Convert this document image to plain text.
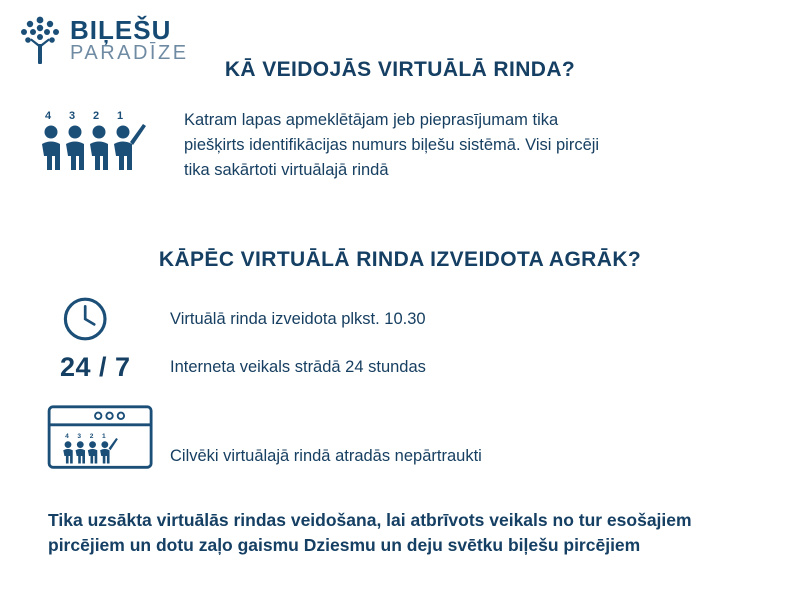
BIĻEŠU
PARADĪZE
KĀ VEIDOJĀS VIRTUĀLĀ RINDA?
4 3 2 1	Katram lapas apmeklētājam jeb pieprasījumam tika piešķirts identifikācijas numurs biļešu sistēmā. Visi pircēji tika sakārtoti virtuālajā rindā
KĀPĒC VIRTUĀLĀ RINDA IZVEIDOTA AGRĀK?
Virtuālā rinda izveidota plkst. 10.30
24 / 7	Interneta veikals strādā 24 stundas
4 3 2 1
Cilvēki virtuālajā rindā atradās nepārtraukti
Tika uzsākta virtuālās rindas veidošana, lai atbrīvots veikals no tur esošajiem pircējiem un dotu zaļo gaismu Dziesmu un deju svētku biļešu pircējiem
